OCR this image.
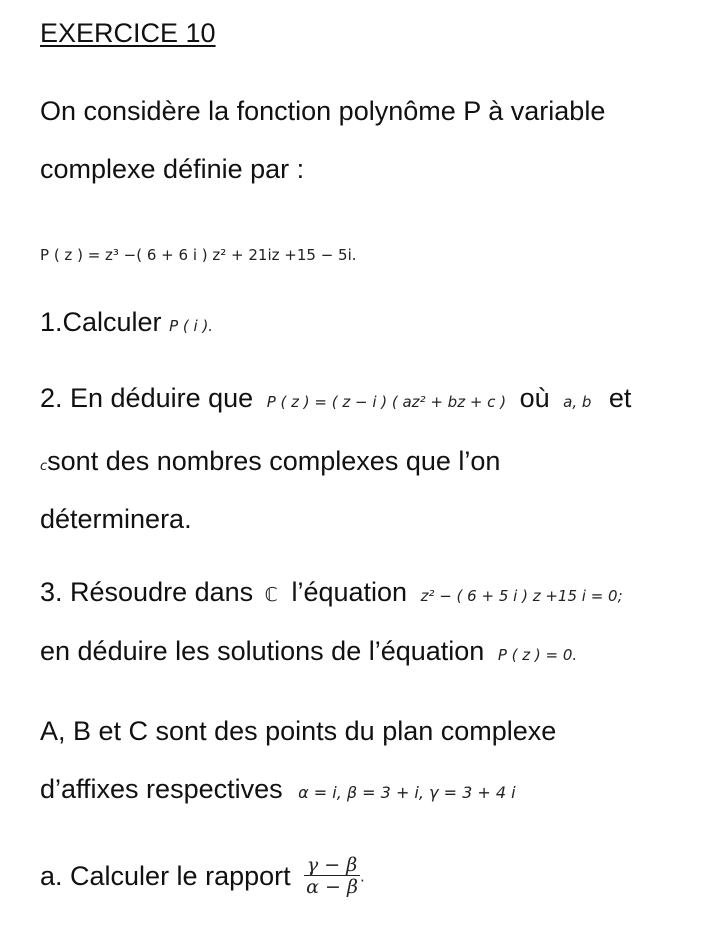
EXERCICE 10
On considère la fonction polynôme P à variable
complexe définie par :
P ( z ) = z³ −( 6 + 6 i ) z² + 21iz +15 − 5i.
1.Calculer P ( i ).
2. En déduire que P ( z ) = ( z − i ) ( az² + bz + c ) où a, b et
csont des nombres complexes que l’on
déterminera.
3. Résoudre dans ℂ l’équation z² − ( 6 + 5 i ) z +15 i = 0;
en déduire les solutions de l’équation P ( z ) = 0.
A, B et C sont des points du plan complexe
d’affixes respectives α = i, β = 3 + i, γ = 3 + 4 i
a. Calculer le rapport $\frac{\gamma - \beta}{\alpha - \beta}$ .
